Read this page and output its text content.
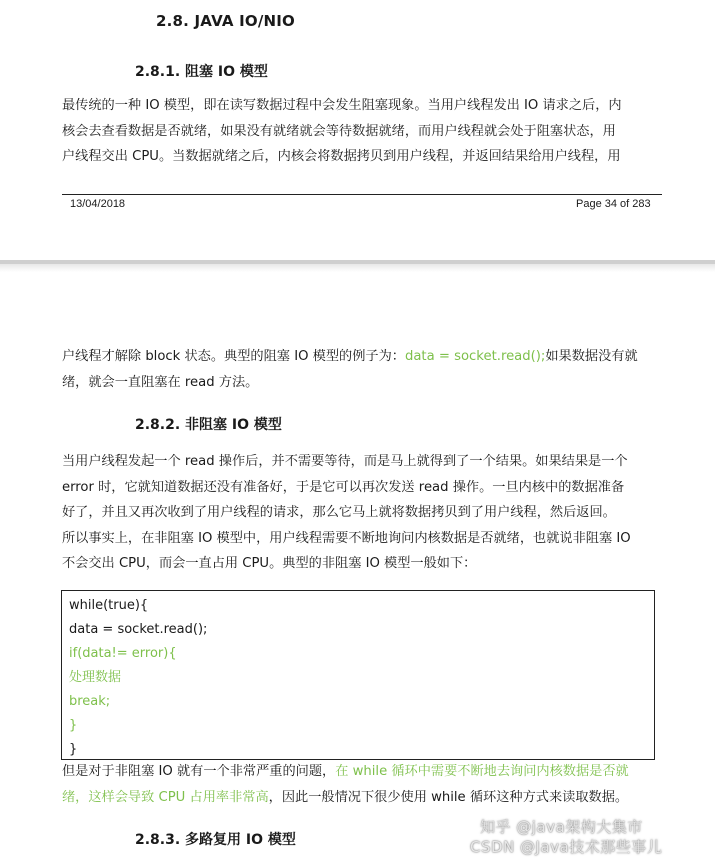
2.8. JAVA IO/NIO
2.8.1. 阻塞 IO 模型
最传统的一种 IO 模型，即在读写数据过程中会发生阻塞现象。当用户线程发出 IO 请求之后，内
核会去查看数据是否就绪，如果没有就绪就会等待数据就绪，而用户线程就会处于阻塞状态，用
户线程交出 CPU。当数据就绪之后，内核会将数据拷贝到用户线程，并返回结果给用户线程，用
13/04/2018	Page 34 of 283
户线程才解除 block 状态。典型的阻塞 IO 模型的例子为：data = socket.read();如果数据没有就
绪，就会一直阻塞在 read 方法。
2.8.2. 非阻塞 IO 模型
当用户线程发起一个 read 操作后，并不需要等待，而是马上就得到了一个结果。如果结果是一个
error 时，它就知道数据还没有准备好，于是它可以再次发送 read 操作。一旦内核中的数据准备
好了，并且又再次收到了用户线程的请求，那么它马上就将数据拷贝到了用户线程，然后返回。
所以事实上，在非阻塞 IO 模型中，用户线程需要不断地询问内核数据是否就绪，也就说非阻塞 IO
不会交出 CPU，而会一直占用 CPU。典型的非阻塞 IO 模型一般如下：
while(true){
data = socket.read();
if(data!= error){
处理数据
break;
}
}
但是对于非阻塞 IO 就有一个非常严重的问题，在 while 循环中需要不断地去询问内核数据是否就
绪，这样会导致 CPU 占用率非常高，因此一般情况下很少使用 while 循环这种方式来读取数据。
2.8.3. 多路复用 IO 模型
知乎 @java架构大集市
CSDN @Java技术那些事儿
